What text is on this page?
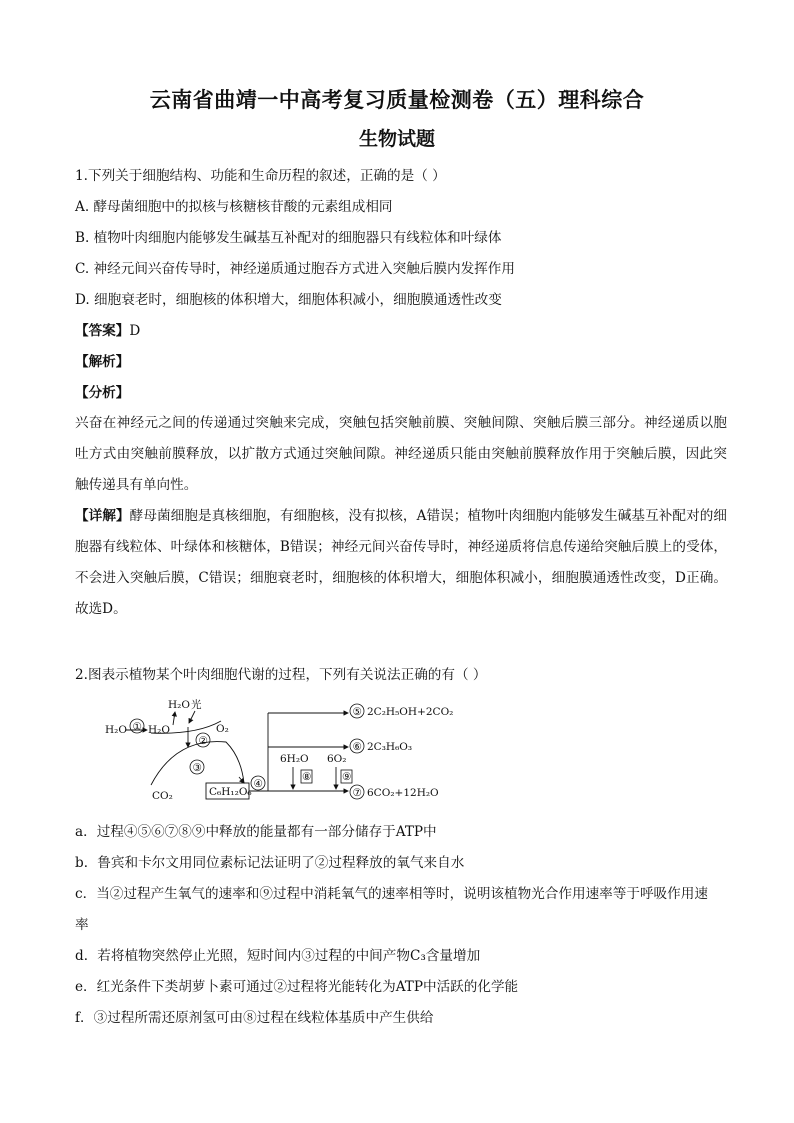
云南省曲靖一中高考复习质量检测卷（五）理科综合
生物试题
1.下列关于细胞结构、功能和生命历程的叙述，正确的是（ ）
A. 酵母菌细胞中的拟核与核糖核苷酸的元素组成相同
B. 植物叶肉细胞内能够发生碱基互补配对的细胞器只有线粒体和叶绿体
C. 神经元间兴奋传导时，神经递质通过胞吞方式进入突触后膜内发挥作用
D. 细胞衰老时，细胞核的体积增大，细胞体积减小，细胞膜通透性改变
【答案】D
【解析】
【分析】
兴奋在神经元之间的传递通过突触来完成，突触包括突触前膜、突触间隙、突触后膜三部分。神经递质以胞吐方式由突触前膜释放，以扩散方式通过突触间隙。神经递质只能由突触前膜释放作用于突触后膜，因此突触传递具有单向性。
【详解】酵母菌细胞是真核细胞，有细胞核，没有拟核，A错误；植物叶肉细胞内能够发生碱基互补配对的细胞器有线粒体、叶绿体和核糖体，B错误；神经元间兴奋传导时，神经递质将信息传递给突触后膜上的受体，不会进入突触后膜，C错误；细胞衰老时，细胞核的体积增大，细胞体积减小，细胞膜通透性改变，D正确。故选D。
2.图表示植物某个叶肉细胞代谢的过程，下列有关说法正确的有（ ）
H₂O ① H₂O
H₂O 光
O₂
②
③
CO₂	C₆H₁₂O₆
④
⑤ 2C₂H₅OH+2CO₂
⑥ 2C₃H₆O₃
6H₂O 6O₂
⑧	⑨
⑦ 6CO₂+12H₂O
a．过程④⑤⑥⑦⑧⑨中释放的能量都有一部分储存于ATP中
b．鲁宾和卡尔文用同位素标记法证明了②过程释放的氧气来自水
c．当②过程产生氧气的速率和⑨过程中消耗氧气的速率相等时，说明该植物光合作用速率等于呼吸作用速
率
d．若将植物突然停止光照，短时间内③过程的中间产物C₃含量增加
e．红光条件下类胡萝卜素可通过②过程将光能转化为ATP中活跃的化学能
f．③过程所需还原剂氢可由⑧过程在线粒体基质中产生供给
